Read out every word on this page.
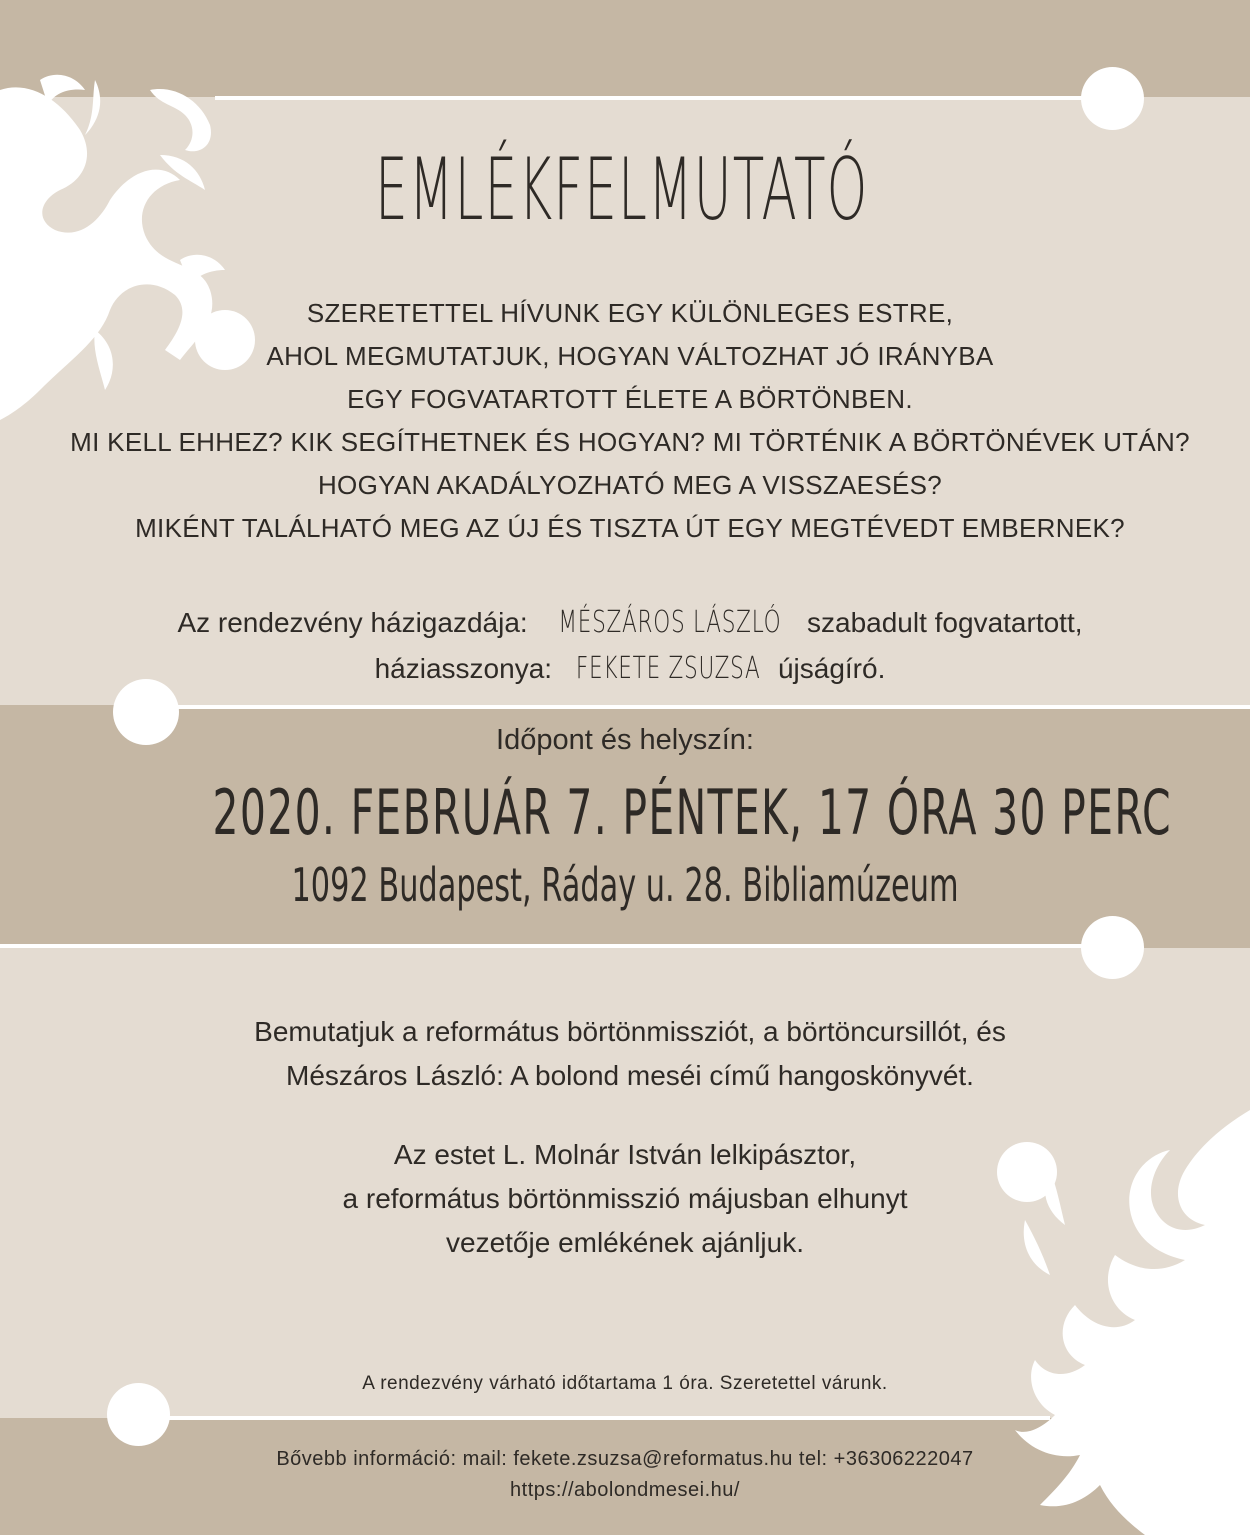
EMLÉKFELMUTATÓ
SZERETETTEL HÍVUNK EGY KÜLÖNLEGES ESTRE,
AHOL MEGMUTATJUK, HOGYAN VÁLTOZHAT JÓ IRÁNYBA
EGY FOGVATARTOTT ÉLETE A BÖRTÖNBEN.
MI KELL EHHEZ? KIK SEGÍTHETNEK ÉS HOGYAN? MI TÖRTÉNIK A BÖRTÖNÉVEK UTÁN?
HOGYAN AKADÁLYOZHATÓ MEG A VISSZAESÉS?
MIKÉNT TALÁLHATÓ MEG AZ ÚJ ÉS TISZTA ÚT EGY MEGTÉVEDT EMBERNEK?
Az rendezvény házigazdája: MÉSZÁROS LÁSZLÓ szabadult fogvatartott,
háziasszonya: FEKETE ZSUZSA újságíró.
Időpont és helyszín:
2020. FEBRUÁR 7. PÉNTEK, 17 ÓRA 30 PERC
1092 Budapest, Ráday u. 28. Bibliamúzeum
Bemutatjuk a református börtönmissziót, a börtöncursillót, és
Mészáros László: A bolond meséi című hangoskönyvét.
Az estet L. Molnár István lelkipásztor,
a református börtönmisszió májusban elhunyt
vezetője emlékének ajánljuk.
A rendezvény várható időtartama 1 óra. Szeretettel várunk.
Bővebb információ: mail: fekete.zsuzsa@reformatus.hu tel: +36306222047
https://abolondmesei.hu/
